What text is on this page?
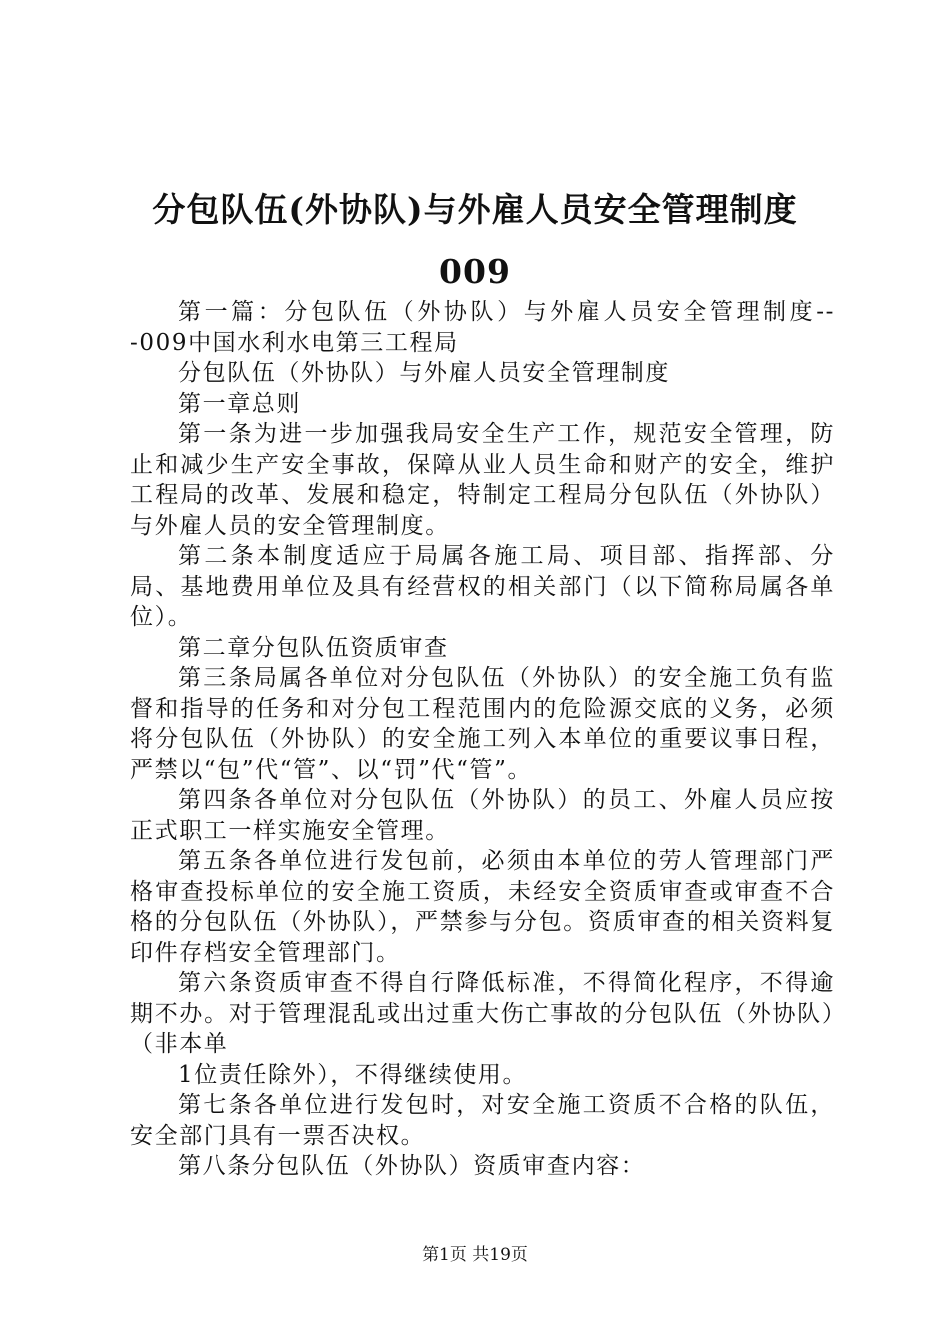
分包队伍(外协队)与外雇人员安全管理制度
009

第一篇：分包队伍（外协队）与外雇人员安全管理制度---009中国水利水电第三工程局

分包队伍（外协队）与外雇人员安全管理制度

第一章总则

第一条为进一步加强我局安全生产工作，规范安全管理，防止和减少生产安全事故，保障从业人员生命和财产的安全，维护工程局的改革、发展和稳定，特制定工程局分包队伍（外协队）与外雇人员的安全管理制度。

第二条本制度适应于局属各施工局、项目部、指挥部、分局、基地费用单位及具有经营权的相关部门（以下简称局属各单位）。

第二章分包队伍资质审查

第三条局属各单位对分包队伍（外协队）的安全施工负有监督和指导的任务和对分包工程范围内的危险源交底的义务，必须将分包队伍（外协队）的安全施工列入本单位的重要议事日程，严禁以“包”代“管”、以“罚”代“管”。

第四条各单位对分包队伍（外协队）的员工、外雇人员应按正式职工一样实施安全管理。

第五条各单位进行发包前，必须由本单位的劳人管理部门严格审查投标单位的安全施工资质，未经安全资质审查或审查不合格的分包队伍（外协队），严禁参与分包。资质审查的相关资料复印件存档安全管理部门。

第六条资质审查不得自行降低标准，不得简化程序，不得逾期不办。对于管理混乱或出过重大伤亡事故的分包队伍（外协队）（非本单

1位责任除外），不得继续使用。

第七条各单位进行发包时，对安全施工资质不合格的队伍，安全部门具有一票否决权。

第八条分包队伍（外协队）资质审查内容：

第1页 共19页
